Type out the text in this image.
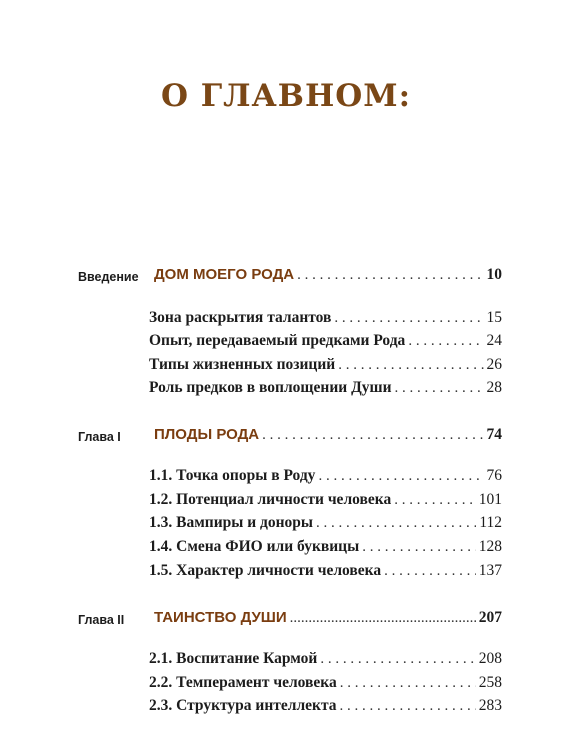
О ГЛАВНОМ:
Введение ДОМ МОЕГО РОДА . . .	10
Зона раскрытия талантов . . .	15
Опыт, передаваемый предками Рода . . .	24
Типы жизненных позиций . . .	26
Роль предков в воплощении Души . . .	28
Глава I ПЛОДЫ РОДА . . .	74
1.1. Точка опоры в Роду . . .	76
1.2. Потенциал личности человека . . .	101
1.3. Вампиры и доноры . . .	112
1.4. Смена ФИО или буквицы . . .	128
1.5. Характер личности человека . . .	137
Глава II ТАИНСТВО ДУШИ .....	207
2.1. Воспитание Кармой . . .	208
2.2. Темперамент человека . . .	258
2.3. Структура интеллекта . . .	283
